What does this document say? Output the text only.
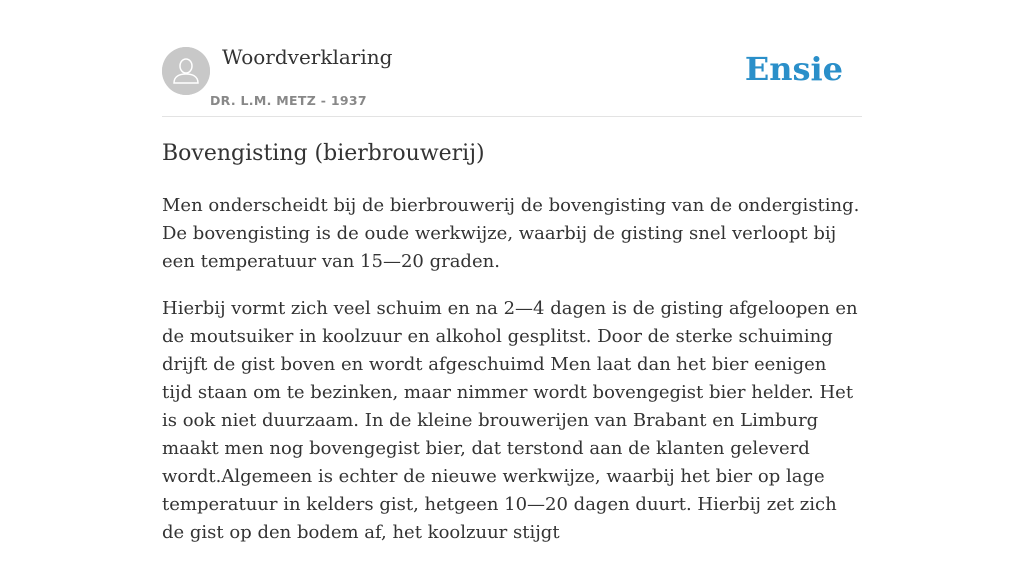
Woordverklaring
DR. L.M. METZ - 1937
Ensie
Bovengisting (bierbrouwerij)

Men onderscheidt bij de bierbrouwerij de bovengisting van de ondergisting. De bovengisting is de oude werkwijze, waarbij de gisting snel verloopt bij een temperatuur van 15—20 graden.

Hierbij vormt zich veel schuim en na 2—4 dagen is de gisting afgeloopen en de moutsuiker in koolzuur en alkohol gesplitst. Door de sterke schuiming drijft de gist boven en wordt afgeschuimd Men laat dan het bier eenigen tijd staan om te bezinken, maar nimmer wordt bovengegist bier helder. Het is ook niet duurzaam. In de kleine brouwerijen van Brabant en Limburg maakt men nog bovengegist bier, dat terstond aan de klanten geleverd wordt.Algemeen is echter de nieuwe werkwijze, waarbij het bier op lage temperatuur in kelders gist, hetgeen 10—20 dagen duurt. Hierbij zet zich de gist op den bodem af, het koolzuur stijgt
